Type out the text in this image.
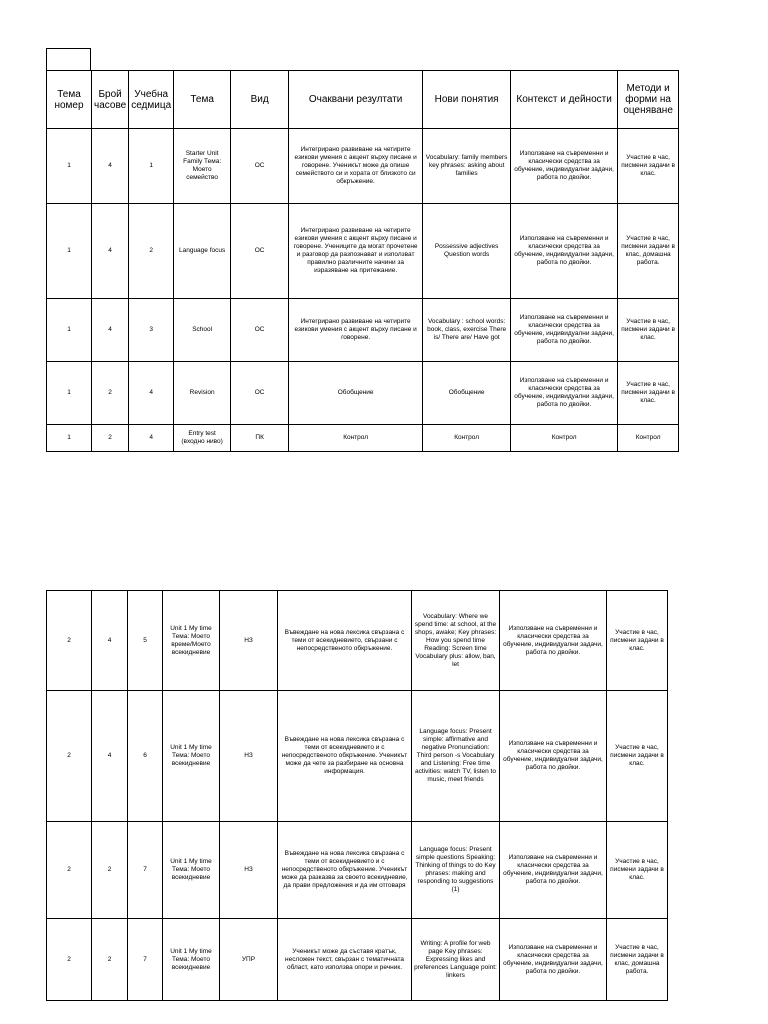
Тема номер	Брой часове	Учебна седмица	Тема	Вид	Очаквани резултати	Нови понятия	Контекст и дейности	Методи и форми на оценяване
1	4	1	Starter Unit Family Тема: Моето семейство	ОС	Интегрирано развиване на четирите езикови умения с акцент върху писане и говорене. Ученикът може да опише семейството си и хората от близкото си обкръжение.	Vocabulary: family members key phrases: asking about families	Използване на съвременни и класически средства за обучение, индивидуални задачи, работа по двойки.	Участие в час, писмени задачи в клас.
1	4	2	Language focus	ОС	Интегрирано развиване на четирите езикови умения с акцент върху писане и говорене. Учениците да могат прочетене и разговор да разпознават и използват правилно различните начини за изразяване на притежание.	Possessive adjectives Question words	Използване на съвременни и класически средства за обучение, индивидуални задачи, работа по двойки.	Участие в час, писмени задачи в клас, домашна работа.
1	4	3	School	ОС	Интегрирано развиване на четирите езикови умения с акцент върху писане и говорене.	Vocabulary : school words: book, class, exercise There is/ There are/ Have got	Използване на съвременни и класически средства за обучение, индивидуални задачи, работа по двойки.	Участие в час, писмени задачи в клас.
1	2	4	Revision	ОС	Обобщение	Обобщение	Използване на съвременни и класически средства за обучение, индивидуални задачи, работа по двойки.	Участие в час, писмени задачи в клас.
1	2	4	Entry test (входно ниво)	ПК	Контрол	Контрол	Контрол	Контрол
2	4	5	Unit 1 My time Тема: Моето време/Моето всекидневие	НЗ	Въвеждане на нова лексика свързана с теми от всекидневието, свързани с непосредственото обкръжение.	Vocabulary: Where we spend time: at school, at the shops, awake; Key phrases: How you spend time Reading: Screen time Vocabulary plus: allow, ban, let	Използване на съвременни и класически средства за обучение, индивидуални задачи, работа по двойки.	Участие в час, писмени задачи в клас.
2	4	6	Unit 1 My time Тема: Моето всекидневие	НЗ	Въвеждане на нова лексика свързана с теми от всекидневието и с непосредственото обкръжение. Ученикът може да чете за разбиране на основна информация.	Language focus: Present simple: affirmative and negative Pronunciation: Third person -s Vocabulary and Listening: Free time activities: watch TV, listen to music, meet friends	Използване на съвременни и класически средства за обучение, индивидуални задачи, работа по двойки.	Участие в час, писмени задачи в клас.
2	2	7	Unit 1 My time Тема: Моето всекидневие	НЗ	Въвеждане на нова лексика свързана с теми от всекидневието и с непосредственото обкръжение. Ученикът може да разказва за своето всекидневие, да прави предложения и да им отговаря	Language focus: Present simple questions Speaking: Thinking of things to do Key phrases: making and responding to suggestions (1)	Използване на съвременни и класически средства за обучение, индивидуални задачи, работа по двойки.	Участие в час, писмени задачи в клас.
2	2	7	Unit 1 My time Тема: Моето всекидневие	УПР	Ученикът може да съставя кратък, несложен текст, свързан с тематичната област, като използва опори и речник.	Writing: A profile for web page Key phrases: Expressing likes and preferences Language point: linkers	Използване на съвременни и класически средства за обучение, индивидуални задачи, работа по двойки.	Участие в час, писмени задачи в клас, домашна работа.
